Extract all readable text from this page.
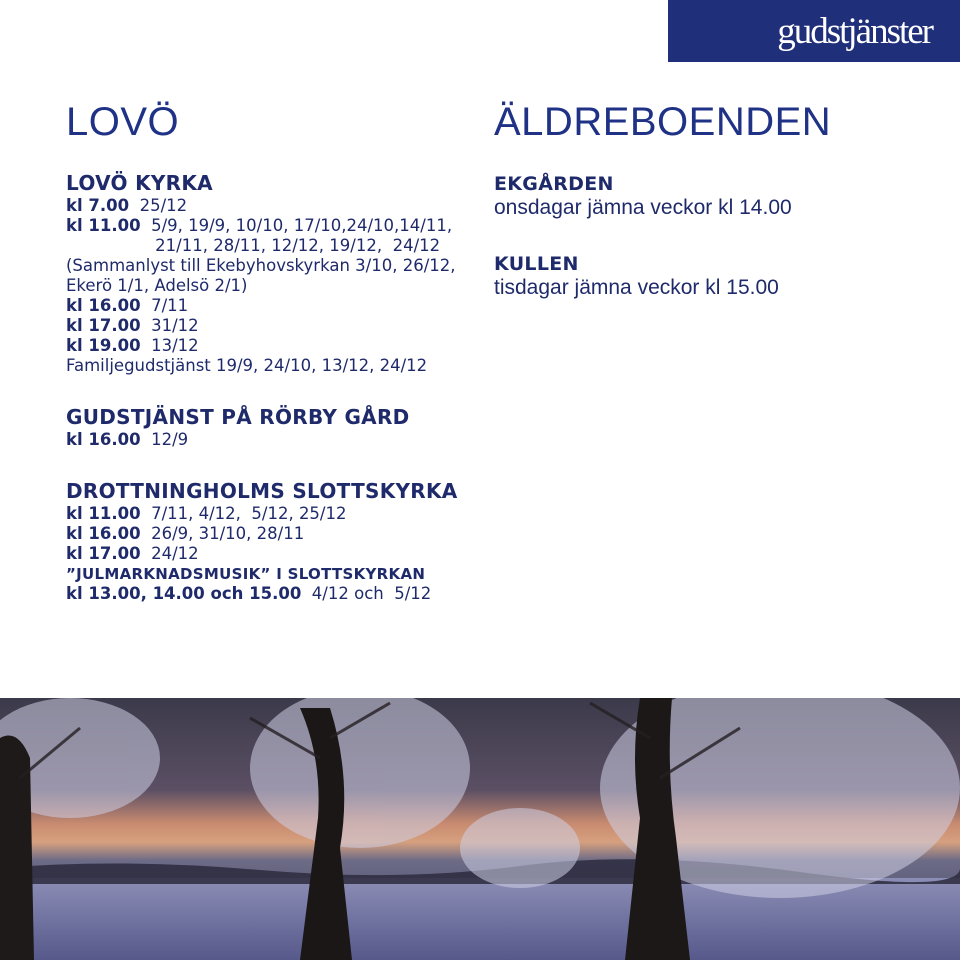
gudstjänster
LOVÖ	ÄLDREBOENDEN
LOVÖ KYRKA
kl 7.00  25/12
kl 11.00  5/9, 19/9, 10/10, 17/10,24/10,14/11,
21/11, 28/11, 12/12, 19/12,  24/12
(Sammanlyst till Ekebyhovskyrkan 3/10, 26/12,
Ekerö 1/1, Adelsö 2/1)
kl 16.00  7/11
kl 17.00  31/12
kl 19.00  13/12
Familjegudstjänst 19/9, 24/10, 13/12, 24/12
GUDSTJÄNST PÅ RÖRBY GÅRD
kl 16.00  12/9
DROTTNINGHOLMS SLOTTSKYRKA
kl 11.00  7/11, 4/12,  5/12, 25/12
kl 16.00  26/9, 31/10, 28/11
kl 17.00  24/12
”JULMARKNADSMUSIK” I SLOTTSKYRKAN
kl 13.00, 14.00 och 15.00  4/12 och  5/12
EKGÅRDEN
onsdagar jämna veckor kl 14.00
KULLEN
tisdagar jämna veckor kl 15.00
